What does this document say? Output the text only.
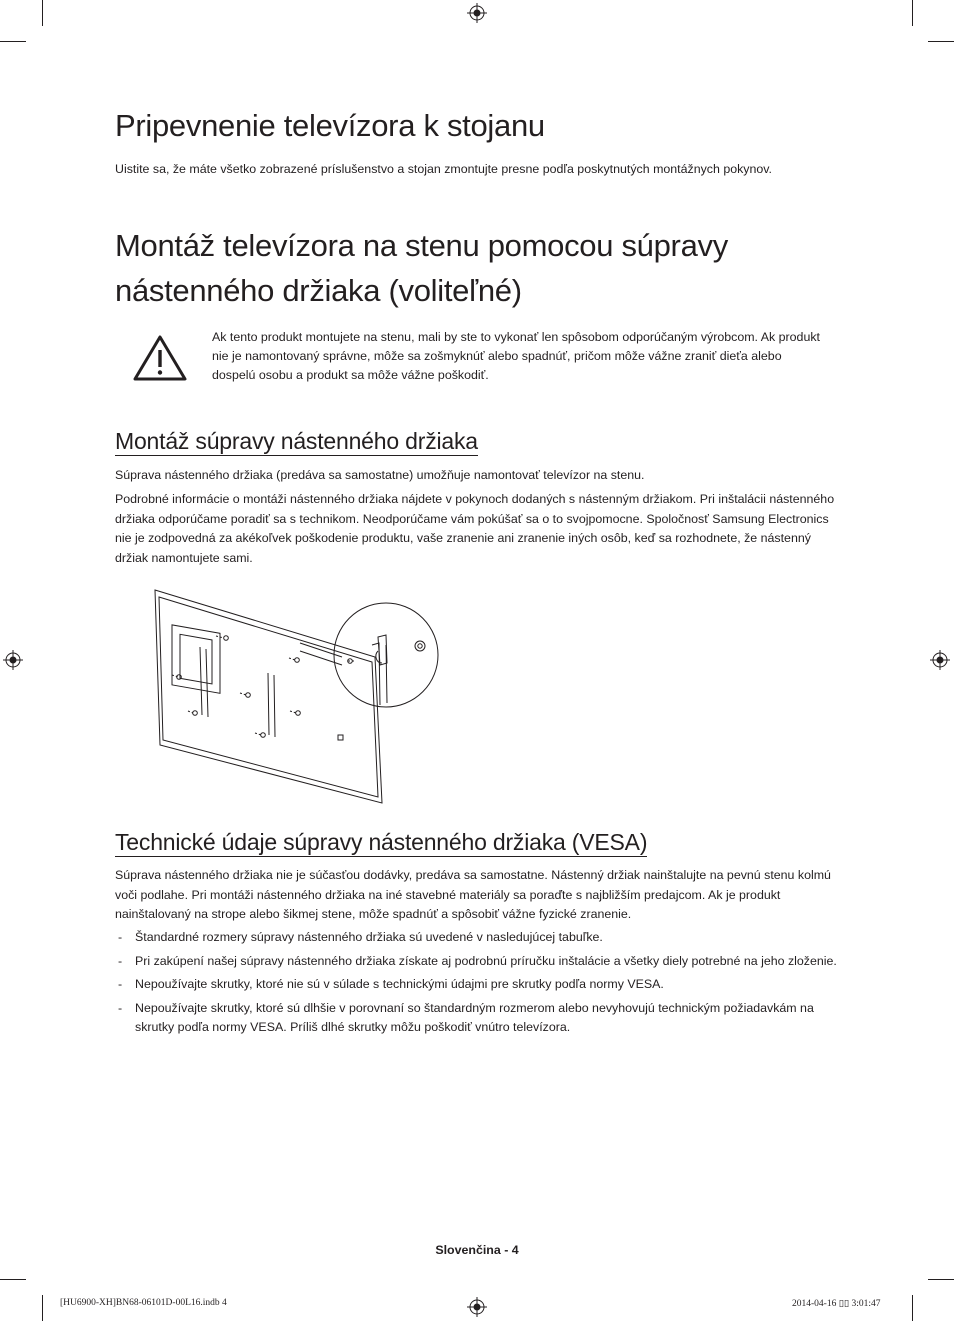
Pripevnenie televízora k stojanu

Uistite sa, že máte všetko zobrazené príslušenstvo a stojan zmontujte presne podľa poskytnutých montážnych pokynov.

Montáž televízora na stenu pomocou súpravy nástenného držiaka (voliteľné)

Ak tento produkt montujete na stenu, mali by ste to vykonať len spôsobom odporúčaným výrobcom. Ak produkt nie je namontovaný správne, môže sa zošmyknúť alebo spadnúť, pričom môže vážne zraniť dieťa alebo dospelú osobu a produkt sa môže vážne poškodiť.

Montáž súpravy nástenného držiaka

Súprava nástenného držiaka (predáva sa samostatne) umožňuje namontovať televízor na stenu.

Podrobné informácie o montáži nástenného držiaka nájdete v pokynoch dodaných s nástenným držiakom. Pri inštalácii nástenného držiaka odporúčame poradiť sa s technikom. Neodporúčame vám pokúšať sa o to svojpomocne. Spoločnosť Samsung Electronics nie je zodpovedná za akékoľvek poškodenie produktu, vaše zranenie ani zranenie iných osôb, keď sa rozhodnete, že nástenný držiak namontujete sami.

Technické údaje súpravy nástenného držiaka (VESA)

Súprava nástenného držiaka nie je súčasťou dodávky, predáva sa samostatne. Nástenný držiak nainštalujte na pevnú stenu kolmú voči podlahe. Pri montáži nástenného držiaka na iné stavebné materiály sa poraďte s najbližším predajcom. Ak je produkt nainštalovaný na strope alebo šikmej stene, môže spadnúť a spôsobiť vážne fyzické zranenie.

- Štandardné rozmery súpravy nástenného držiaka sú uvedené v nasledujúcej tabuľke.
- Pri zakúpení našej súpravy nástenného držiaka získate aj podrobnú príručku inštalácie a všetky diely potrebné na jeho zloženie.
- Nepoužívajte skrutky, ktoré nie sú v súlade s technickými údajmi pre skrutky podľa normy VESA.
- Nepoužívajte skrutky, ktoré sú dlhšie v porovnaní so štandardným rozmerom alebo nevyhovujú technickým požiadavkám na skrutky podľa normy VESA. Príliš dlhé skrutky môžu poškodiť vnútro televízora.

Slovenčina - 4

[HU6900-XH]BN68-06101D-00L16.indb 4	2014-04-16 ▯▯ 3:01:47
